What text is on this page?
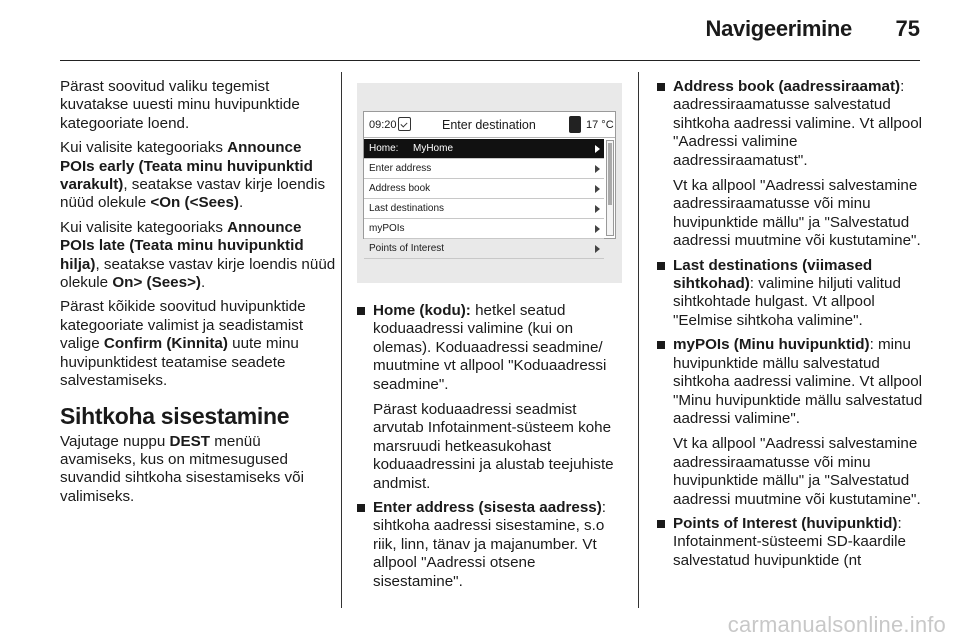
Navigeerimine 75

Pärast soovitud valiku tegemist kuvatakse uuesti minu huvipunktide kategooriate loend.

Kui valisite kategooriaks Announce POIs early (Teata minu huvipunktid varakult), seatakse vastav kirje loendis nüüd olekule <On (<Sees).

Kui valisite kategooriaks Announce POIs late (Teata minu huvipunktid hilja), seatakse vastav kirje loendis nüüd olekule On> (Sees>).

Pärast kõikide soovitud huvipunktide kategooriate valimist ja seadistamist valige Confirm (Kinnita) uute minu huvipunktidest teatamise seadete salvestamiseks.

Sihtkoha sisestamine

Vajutage nuppu DEST menüü avamiseks, kus on mitmesugused suvandid sihtkoha sisestamiseks või valimiseks.

09:20	Enter destination	17 °C
Home: MyHome
Enter address
Address book
Last destinations
myPOIs
Points of Interest
Home (kodu): hetkel seatud koduaadressi valimine (kui on olemas). Koduaadressi seadmine/ muutmine vt allpool "Koduaadressi seadmine".
Pärast koduaadressi seadmist arvutab Infotainment-süsteem kohe marsruudi hetkeasukohast koduaadressini ja alustab teejuhiste andmist.
Enter address (sisesta aadress): sihtkoha aadressi sisestamine, s.o riik, linn, tänav ja majanumber. Vt allpool "Aadressi otsene sisestamine".
Address book (aadressiraamat): aadressiraamatusse salvestatud sihtkoha aadressi valimine. Vt allpool "Aadressi valimine aadressiraamatust".
Vt ka allpool "Aadressi salvestamine aadressiraamatusse või minu huvipunktide mällu" ja "Salvestatud aadressi muutmine või kustutamine".
Last destinations (viimased sihtkohad): valimine hiljuti valitud sihtkohtade hulgast. Vt allpool "Eelmise sihtkoha valimine".
myPOIs (Minu huvipunktid): minu huvipunktide mällu salvestatud sihtkoha aadressi valimine. Vt allpool "Minu huvipunktide mällu salvestatud aadressi valimine".
Vt ka allpool "Aadressi salvestamine aadressiraamatusse või minu huvipunktide mällu" ja "Salvestatud aadressi muutmine või kustutamine".
Points of Interest (huvipunktid): Infotainment-süsteemi SD-kaardile salvestatud huvipunktide (nt
carmanualsonline.info
